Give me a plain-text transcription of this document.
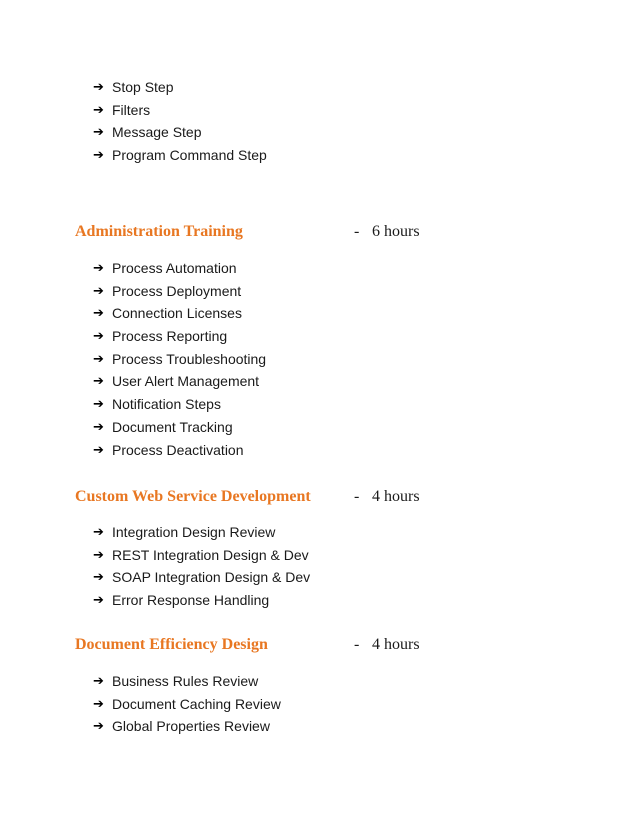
➔ Stop Step
➔ Filters
➔ Message Step
➔ Program Command Step
Administration Training	- 6 hours
➔ Process Automation
➔ Process Deployment
➔ Connection Licenses
➔ Process Reporting
➔ Process Troubleshooting
➔ User Alert Management
➔ Notification Steps
➔ Document Tracking
➔ Process Deactivation
Custom Web Service Development	- 4 hours
➔ Integration Design Review
➔ REST Integration Design & Dev
➔ SOAP Integration Design & Dev
➔ Error Response Handling
Document Efficiency Design	- 4 hours
➔ Business Rules Review
➔ Document Caching Review
➔ Global Properties Review
